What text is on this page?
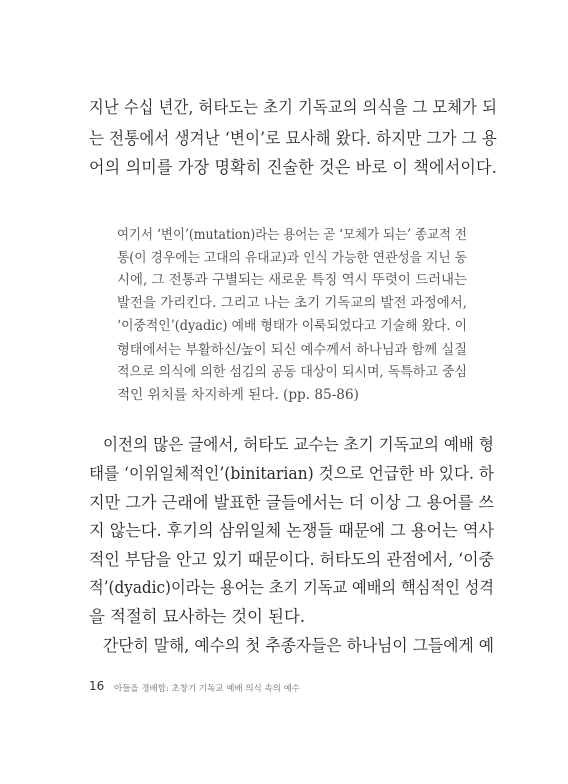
지난 수십 년간, 허타도는 초기 기독교의 의식을 그 모체가 되
는 전통에서 생겨난 ‘변이’로 묘사해 왔다. 하지만 그가 그 용
어의 의미를 가장 명확히 진술한 것은 바로 이 책에서이다.
여기서 ‘변이’(mutation)라는 용어는 곧 ‘모체가 되는’ 종교적 전
통(이 경우에는 고대의 유대교)과 인식 가능한 연관성을 지닌 동
시에, 그 전통과 구별되는 새로운 특징 역시 뚜렷이 드러내는
발전을 가리킨다. 그리고 나는 초기 기독교의 발전 과정에서,
‘이중적인’(dyadic) 예배 형태가 이룩되었다고 기술해 왔다. 이
형태에서는 부활하신/높이 되신 예수께서 하나님과 함께 실질
적으로 의식에 의한 섬김의 공동 대상이 되시며, 독특하고 중심
적인 위치를 차지하게 된다. (pp. 85-86)
이전의 많은 글에서, 허타도 교수는 초기 기독교의 예배 형
태를 ‘이위일체적인’(binitarian) 것으로 언급한 바 있다. 하
지만 그가 근래에 발표한 글들에서는 더 이상 그 용어를 쓰
지 않는다. 후기의 삼위일체 논쟁들 때문에 그 용어는 역사
적인 부담을 안고 있기 때문이다. 허타도의 관점에서, ‘이중
적’(dyadic)이라는 용어는 초기 기독교 예배의 핵심적인 성격
을 적절히 묘사하는 것이 된다.
간단히 말해, 예수의 첫 추종자들은 하나님이 그들에게 예
16 아들을 경배함: 초창기 기독교 예배 의식 속의 예수
